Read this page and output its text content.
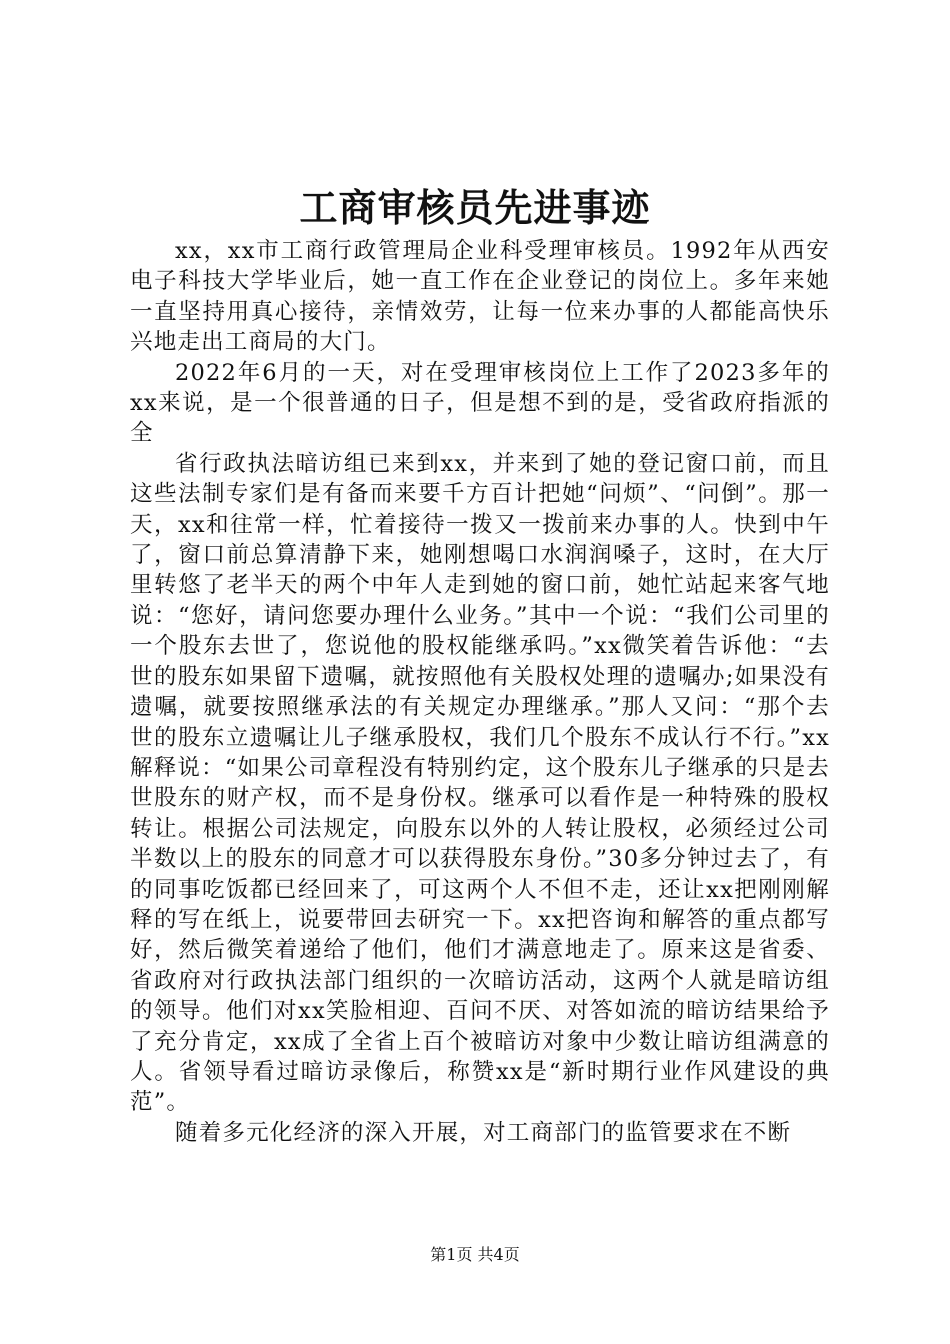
工商审核员先进事迹

xx，xx市工商行政管理局企业科受理审核员。1992年从西安电子科技大学毕业后，她一直工作在企业登记的岗位上。多年来她一直坚持用真心接待，亲情效劳，让每一位来办事的人都能高快乐兴地走出工商局的大门。

2022年6月的一天，对在受理审核岗位上工作了2023多年的xx来说，是一个很普通的日子，但是想不到的是，受省政府指派的全

省行政执法暗访组已来到xx，并来到了她的登记窗口前，而且这些法制专家们是有备而来要千方百计把她“问烦”、“问倒”。那一天，xx和往常一样，忙着接待一拨又一拨前来办事的人。快到中午了，窗口前总算清静下来，她刚想喝口水润润嗓子，这时，在大厅里转悠了老半天的两个中年人走到她的窗口前，她忙站起来客气地说：“您好，请问您要办理什么业务。”其中一个说：“我们公司里的一个股东去世了，您说他的股权能继承吗。”xx微笑着告诉他：“去世的股东如果留下遗嘱，就按照他有关股权处理的遗嘱办;如果没有遗嘱，就要按照继承法的有关规定办理继承。”那人又问：“那个去世的股东立遗嘱让儿子继承股权，我们几个股东不成认行不行。”xx解释说：“如果公司章程没有特别约定，这个股东儿子继承的只是去世股东的财产权，而不是身份权。继承可以看作是一种特殊的股权转让。根据公司法规定，向股东以外的人转让股权，必须经过公司半数以上的股东的同意才可以获得股东身份。”30多分钟过去了，有的同事吃饭都已经回来了，可这两个人不但不走，还让xx把刚刚解释的写在纸上，说要带回去研究一下。xx把咨询和解答的重点都写好，然后微笑着递给了他们，他们才满意地走了。原来这是省委、省政府对行政执法部门组织的一次暗访活动，这两个人就是暗访组的领导。他们对xx笑脸相迎、百问不厌、对答如流的暗访结果给予了充分肯定，xx成了全省上百个被暗访对象中少数让暗访组满意的人。省领导看过暗访录像后，称赞xx是“新时期行业作风建设的典范”。

随着多元化经济的深入开展，对工商部门的监管要求在不断

第1页 共4页
